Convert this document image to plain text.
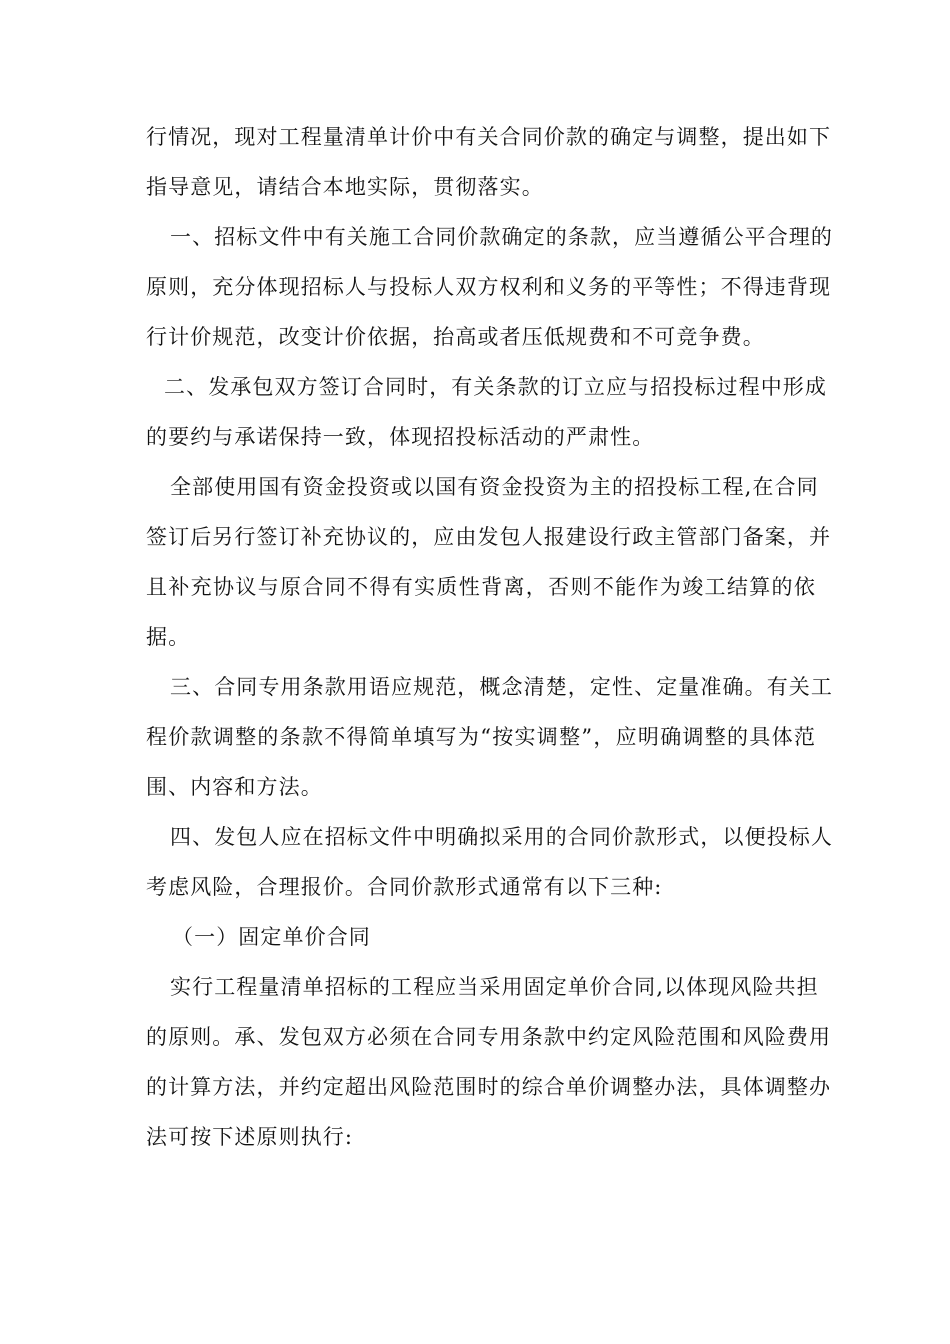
行情况，现对工程量清单计价中有关合同价款的确定与调整，提出如下
指导意见，请结合本地实际，贯彻落实。
一、招标文件中有关施工合同价款确定的条款，应当遵循公平合理的
原则，充分体现招标人与投标人双方权利和义务的平等性；不得违背现
行计价规范，改变计价依据，抬高或者压低规费和不可竞争费。
二、发承包双方签订合同时，有关条款的订立应与招投标过程中形成
的要约与承诺保持一致，体现招投标活动的严肃性。
全部使用国有资金投资或以国有资金投资为主的招投标工程,在合同
签订后另行签订补充协议的，应由发包人报建设行政主管部门备案，并
且补充协议与原合同不得有实质性背离，否则不能作为竣工结算的依
据。
三、合同专用条款用语应规范，概念清楚，定性、定量准确。有关工
程价款调整的条款不得简单填写为“按实调整”，应明确调整的具体范
围、内容和方法。
四、发包人应在招标文件中明确拟采用的合同价款形式，以便投标人
考虑风险，合理报价。合同价款形式通常有以下三种:
（一）固定单价合同
实行工程量清单招标的工程应当采用固定单价合同,以体现风险共担
的原则。承、发包双方必须在合同专用条款中约定风险范围和风险费用
的计算方法，并约定超出风险范围时的综合单价调整办法，具体调整办
法可按下述原则执行:
